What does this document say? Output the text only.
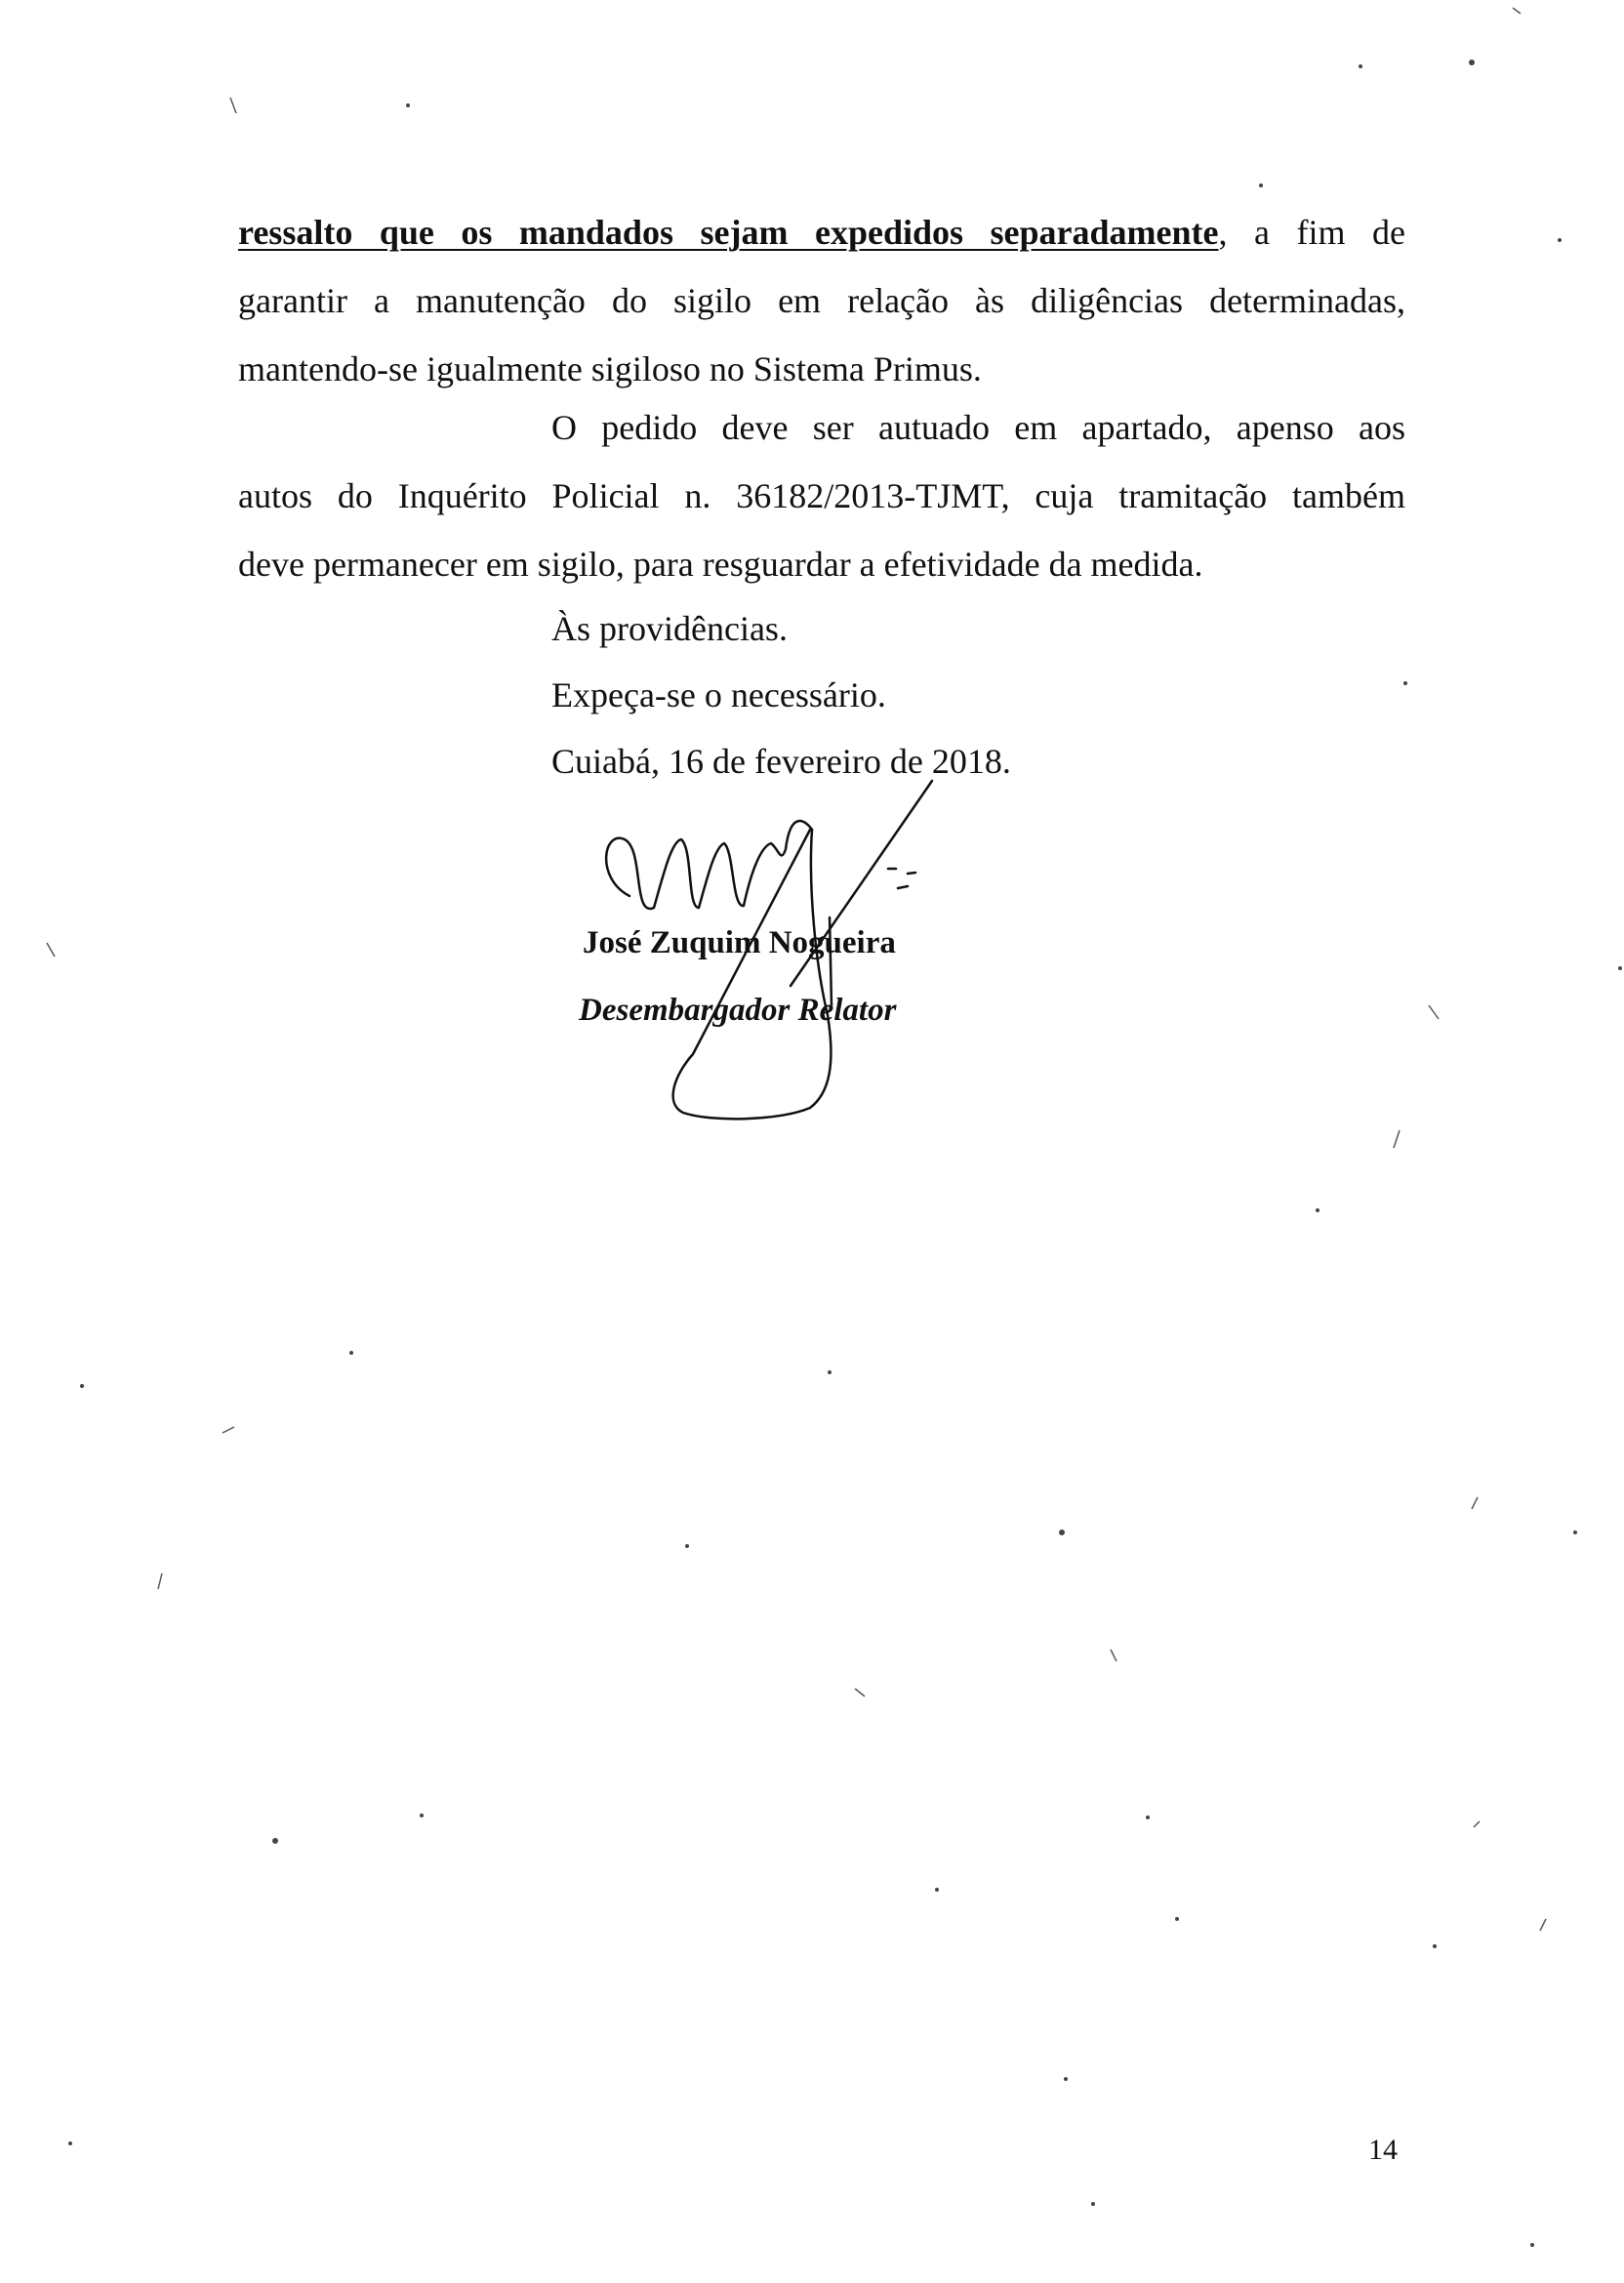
ressalto que os mandados sejam expedidos separadamente, a fim de
garantir a manutenção do sigilo em relação às diligências determinadas,
mantendo-se igualmente sigiloso no Sistema Primus.
O pedido deve ser autuado em apartado, apenso aos
autos do Inquérito Policial n. 36182/2013-TJMT, cuja tramitação também
deve permanecer em sigilo, para resguardar a efetividade da medida.
Às providências.
Expeça-se o necessário.
Cuiabá, 16 de fevereiro de 2018.
José Zuquim Nogueira
Desembargador Relator
14
